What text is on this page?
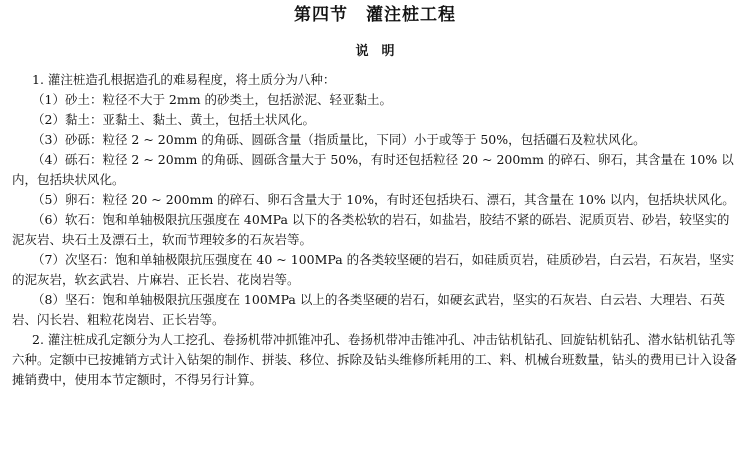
第四节　灌注桩工程
说　明

1. 灌注桩造孔根据造孔的难易程度，将土质分为八种：

（1）砂土：粒径不大于 2mm 的砂类土，包括淤泥、轻亚黏土。

（2）黏土：亚黏土、黏土、黄土，包括土状风化。

（3）砂砾：粒径 2 ~ 20mm 的角砾、圆砾含量（指质量比，下同）小于或等于 50%，包括礓石及粒状风化。

（4）砾石：粒径 2 ~ 20mm 的角砾、圆砾含量大于 50%，有时还包括粒径 20 ~ 200mm 的碎石、卵石，其含量在 10% 以内，包括块状风化。

（5）卵石：粒径 20 ~ 200mm 的碎石、卵石含量大于 10%，有时还包括块石、漂石，其含量在 10% 以内，包括块状风化。

（6）软石：饱和单轴极限抗压强度在 40MPa 以下的各类松软的岩石，如盐岩，胶结不紧的砾岩、泥质页岩、砂岩，较坚实的泥灰岩、块石土及漂石土，软而节理较多的石灰岩等。

（7）次坚石：饱和单轴极限抗压强度在 40 ~ 100MPa 的各类较坚硬的岩石，如硅质页岩，硅质砂岩，白云岩，石灰岩，坚实的泥灰岩，软玄武岩、片麻岩、正长岩、花岗岩等。

（8）坚石：饱和单轴极限抗压强度在 100MPa 以上的各类坚硬的岩石，如硬玄武岩，坚实的石灰岩、白云岩、大理岩、石英岩、闪长岩、粗粒花岗岩、正长岩等。

2. 灌注桩成孔定额分为人工挖孔、卷扬机带冲抓锥冲孔、卷扬机带冲击锥冲孔、冲击钻机钻孔、回旋钻机钻孔、潜水钻机钻孔等六种。定额中已按摊销方式计入钻架的制作、拼装、移位、拆除及钻头维修所耗用的工、料、机械台班数量，钻头的费用已计入设备摊销费中，使用本节定额时，不得另行计算。
